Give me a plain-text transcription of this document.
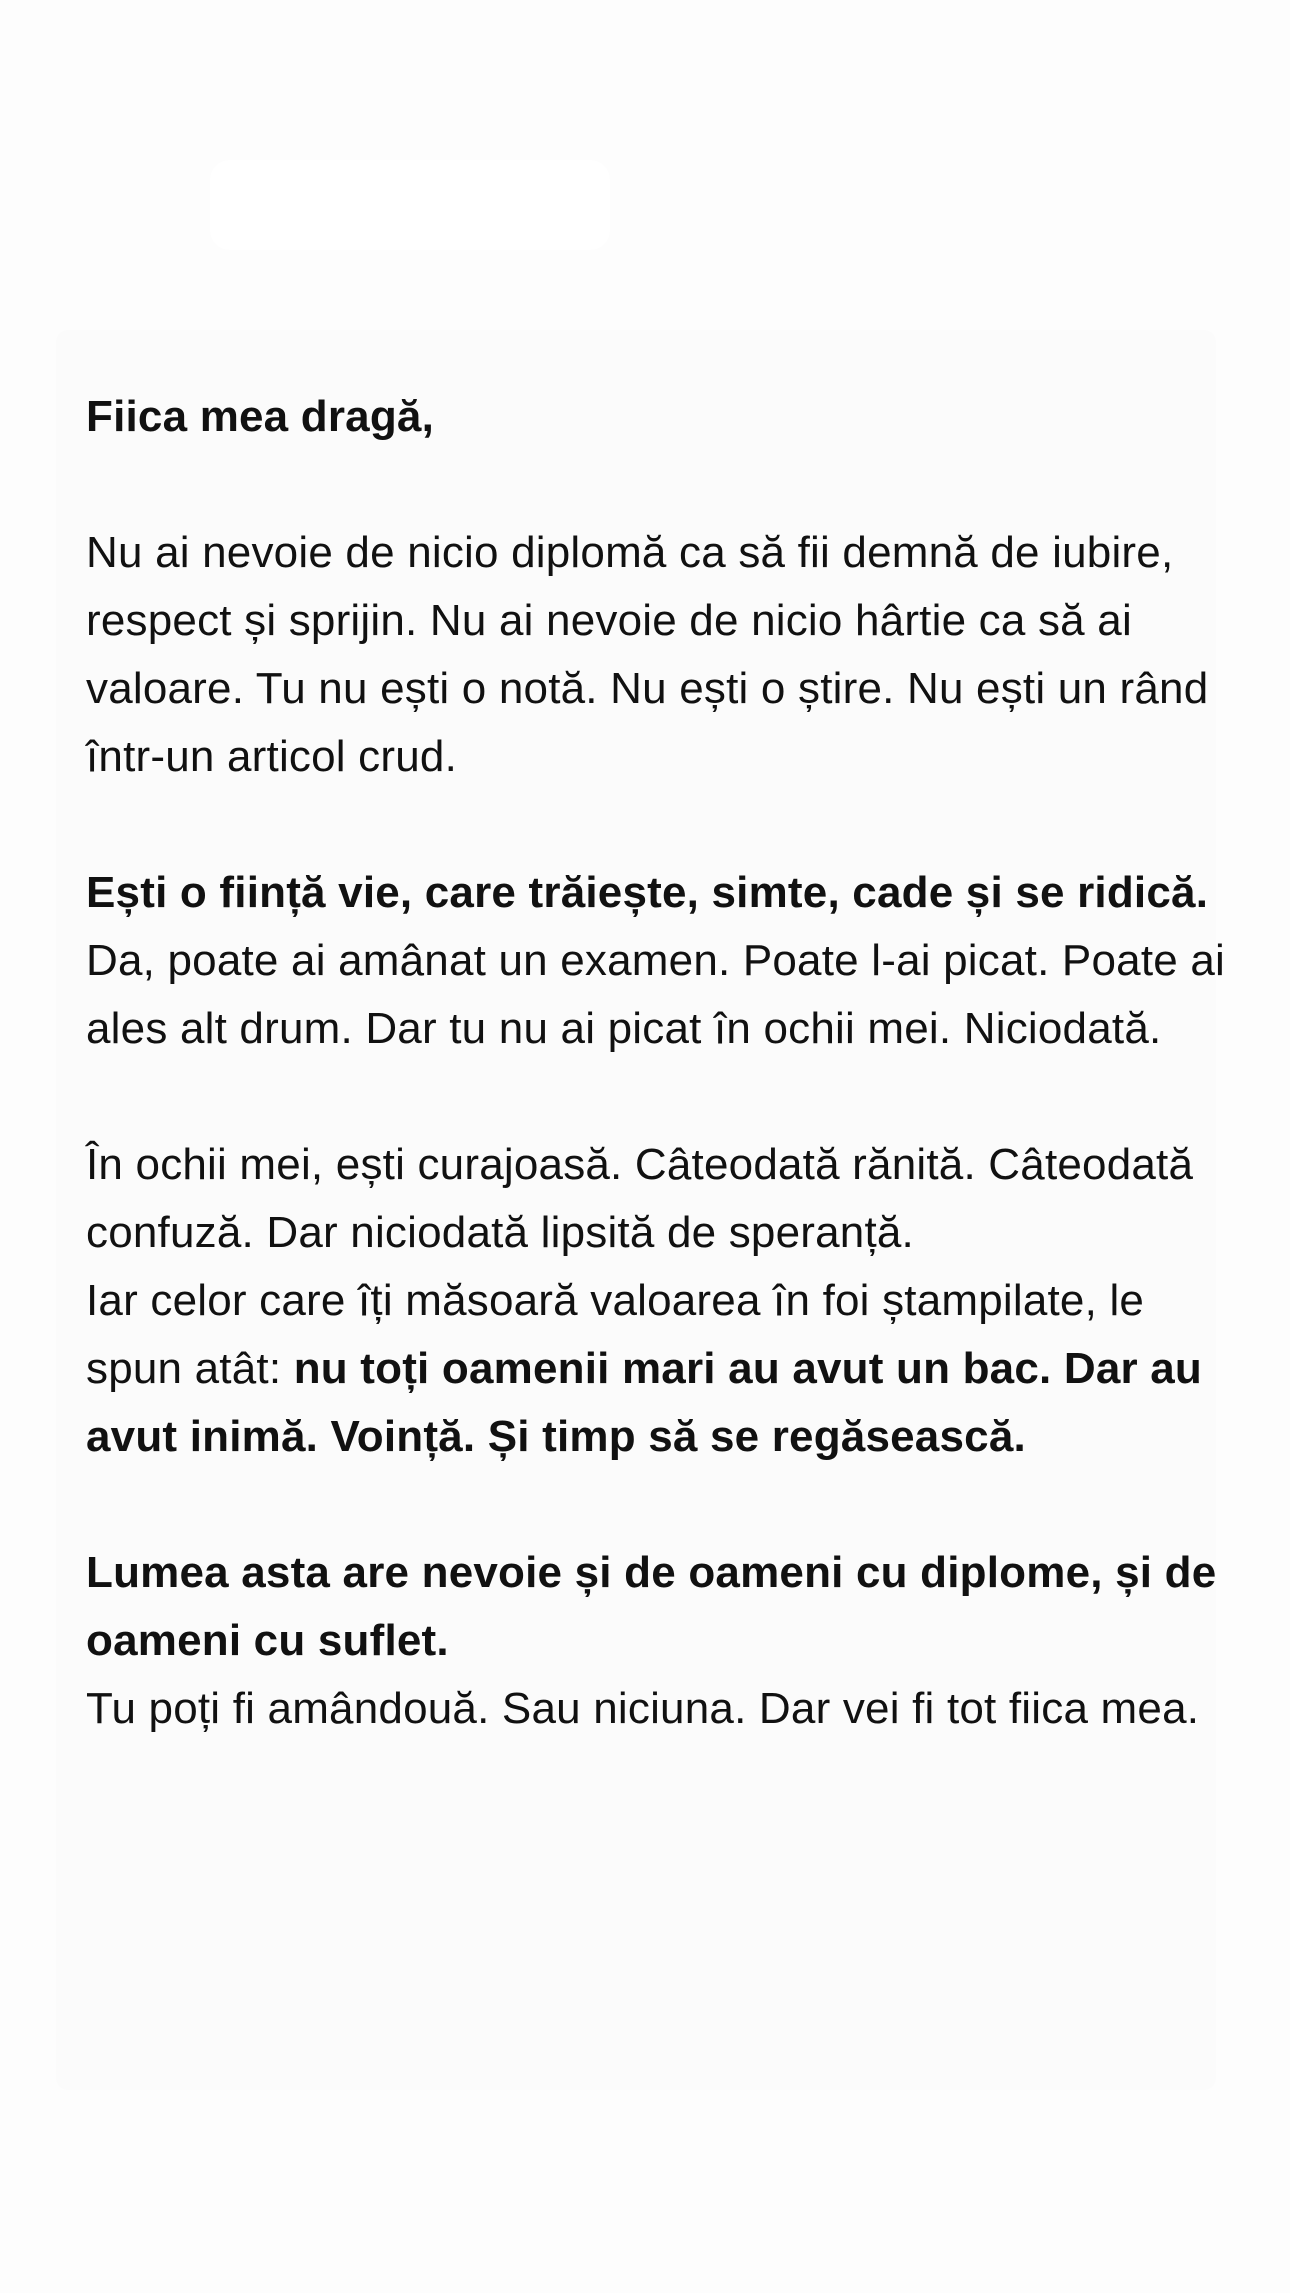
Fiica mea dragă,

Nu ai nevoie de nicio diplomă ca să fii demnă de iubire, respect și sprijin. Nu ai nevoie de nicio hârtie ca să ai valoare. Tu nu ești o notă. Nu ești o știre. Nu ești un rând într-un articol crud.

Ești o ființă vie, care trăiește, simte, cade și se ridică.

Da, poate ai amânat un examen. Poate l-ai picat. Poate ai ales alt drum. Dar tu nu ai picat în ochii mei. Niciodată.

În ochii mei, ești curajoasă. Câteodată rănită. Câteodată confuză. Dar niciodată lipsită de speranță.

Iar celor care îți măsoară valoarea în foi ștampilate, le spun atât: nu toți oamenii mari au avut un bac. Dar au avut inimă. Voință. Și timp să se regăsească.

Lumea asta are nevoie și de oameni cu diplome, și de oameni cu suflet.

Tu poți fi amândouă. Sau niciuna. Dar vei fi tot fiica mea.
